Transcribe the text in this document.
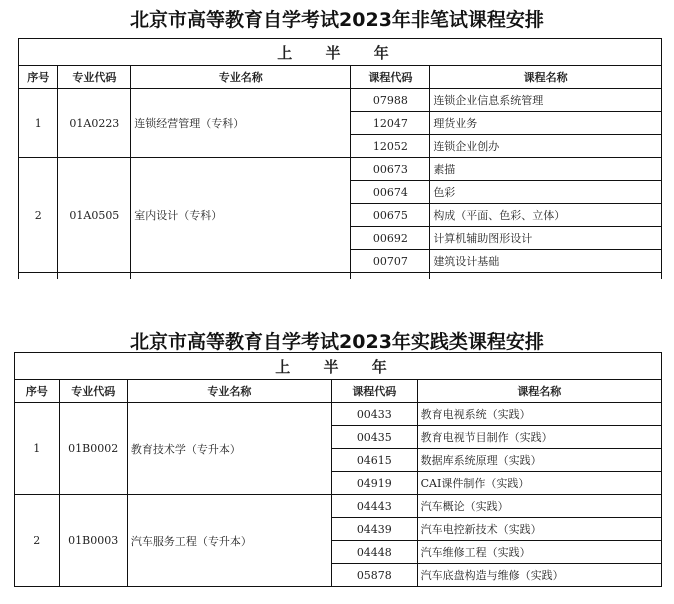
北京市高等教育自学考试2023年非笔试课程安排
上 半 年				
序号	专业代码	专业名称	课程代码	课程名称
1	01A0223	连锁经营管理（专科）	07988	连锁企业信息系统管理
			12047	理货业务
			12052	连锁企业创办
2	01A0505	室内设计（专科）	00673	素描
			00674	色彩
			00675	构成（平面、色彩、立体）
			00692	计算机辅助图形设计
			00707	建筑设计基础

北京市高等教育自学考试2023年实践类课程安排
上 半 年				
序号	专业代码	专业名称	课程代码	课程名称
1	01B0002	教育技术学（专升本）	00433	教育电视系统（实践）
			00435	教育电视节目制作（实践）
			04615	数据库系统原理（实践）
			04919	CAI课件制作（实践）
2	01B0003	汽车服务工程（专升本）	04443	汽车概论（实践）
			04439	汽车电控新技术（实践）
			04448	汽车维修工程（实践）
			05878	汽车底盘构造与维修（实践）
